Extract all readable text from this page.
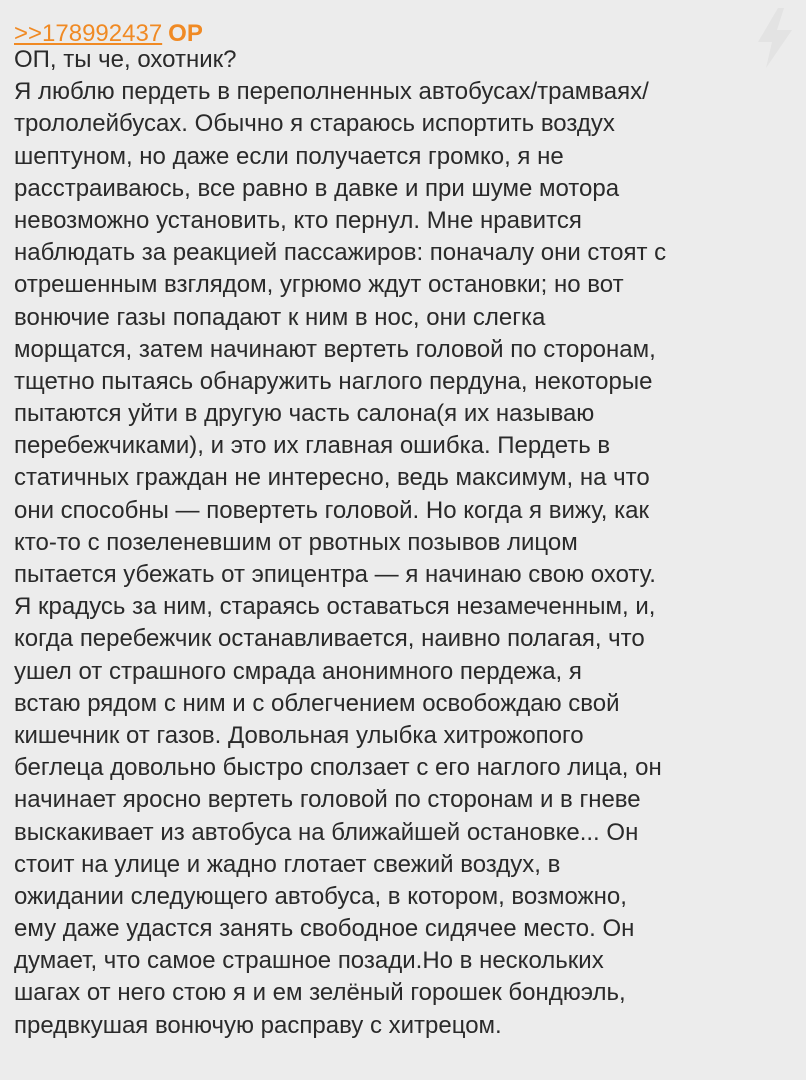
>>178992437 OP
ОП, ты че, охотник?
Я люблю пердеть в переполненных автобусах/трамваях/
трололейбусах. Обычно я стараюсь испортить воздух
шептуном, но даже если получается громко, я не
расстраиваюсь, все равно в давке и при шуме мотора
невозможно установить, кто пернул. Мне нравится
наблюдать за реакцией пассажиров: поначалу они стоят с
отрешенным взглядом, угрюмо ждут остановки; но вот
вонючие газы попадают к ним в нос, они слегка
морщатся, затем начинают вертеть головой по сторонам,
тщетно пытаясь обнаружить наглого пердуна, некоторые
пытаются уйти в другую часть салона(я их называю
перебежчиками), и это их главная ошибка. Пердеть в
статичных граждан не интересно, ведь максимум, на что
они способны — повертеть головой. Но когда я вижу, как
кто-то с позеленевшим от рвотных позывов лицом
пытается убежать от эпицентра — я начинаю свою охоту.
Я крадусь за ним, стараясь оставаться незамеченным, и,
когда перебежчик останавливается, наивно полагая, что
ушел от страшного смрада анонимного пердежа, я
встаю рядом с ним и с облегчением освобождаю свой
кишечник от газов. Довольная улыбка хитрожопого
беглеца довольно быстро сползает с его наглого лица, он
начинает яросно вертеть головой по сторонам и в гневе
выскакивает из автобуса на ближайшей остановке... Он
стоит на улице и жадно глотает свежий воздух, в
ожидании следующего автобуса, в котором, возможно,
ему даже удастся занять свободное сидячее место. Он
думает, что самое страшное позади.Но в нескольких
шагах от него стою я и ем зелёный горошек бондюэль,
предвкушая вонючую расправу с хитрецом.
